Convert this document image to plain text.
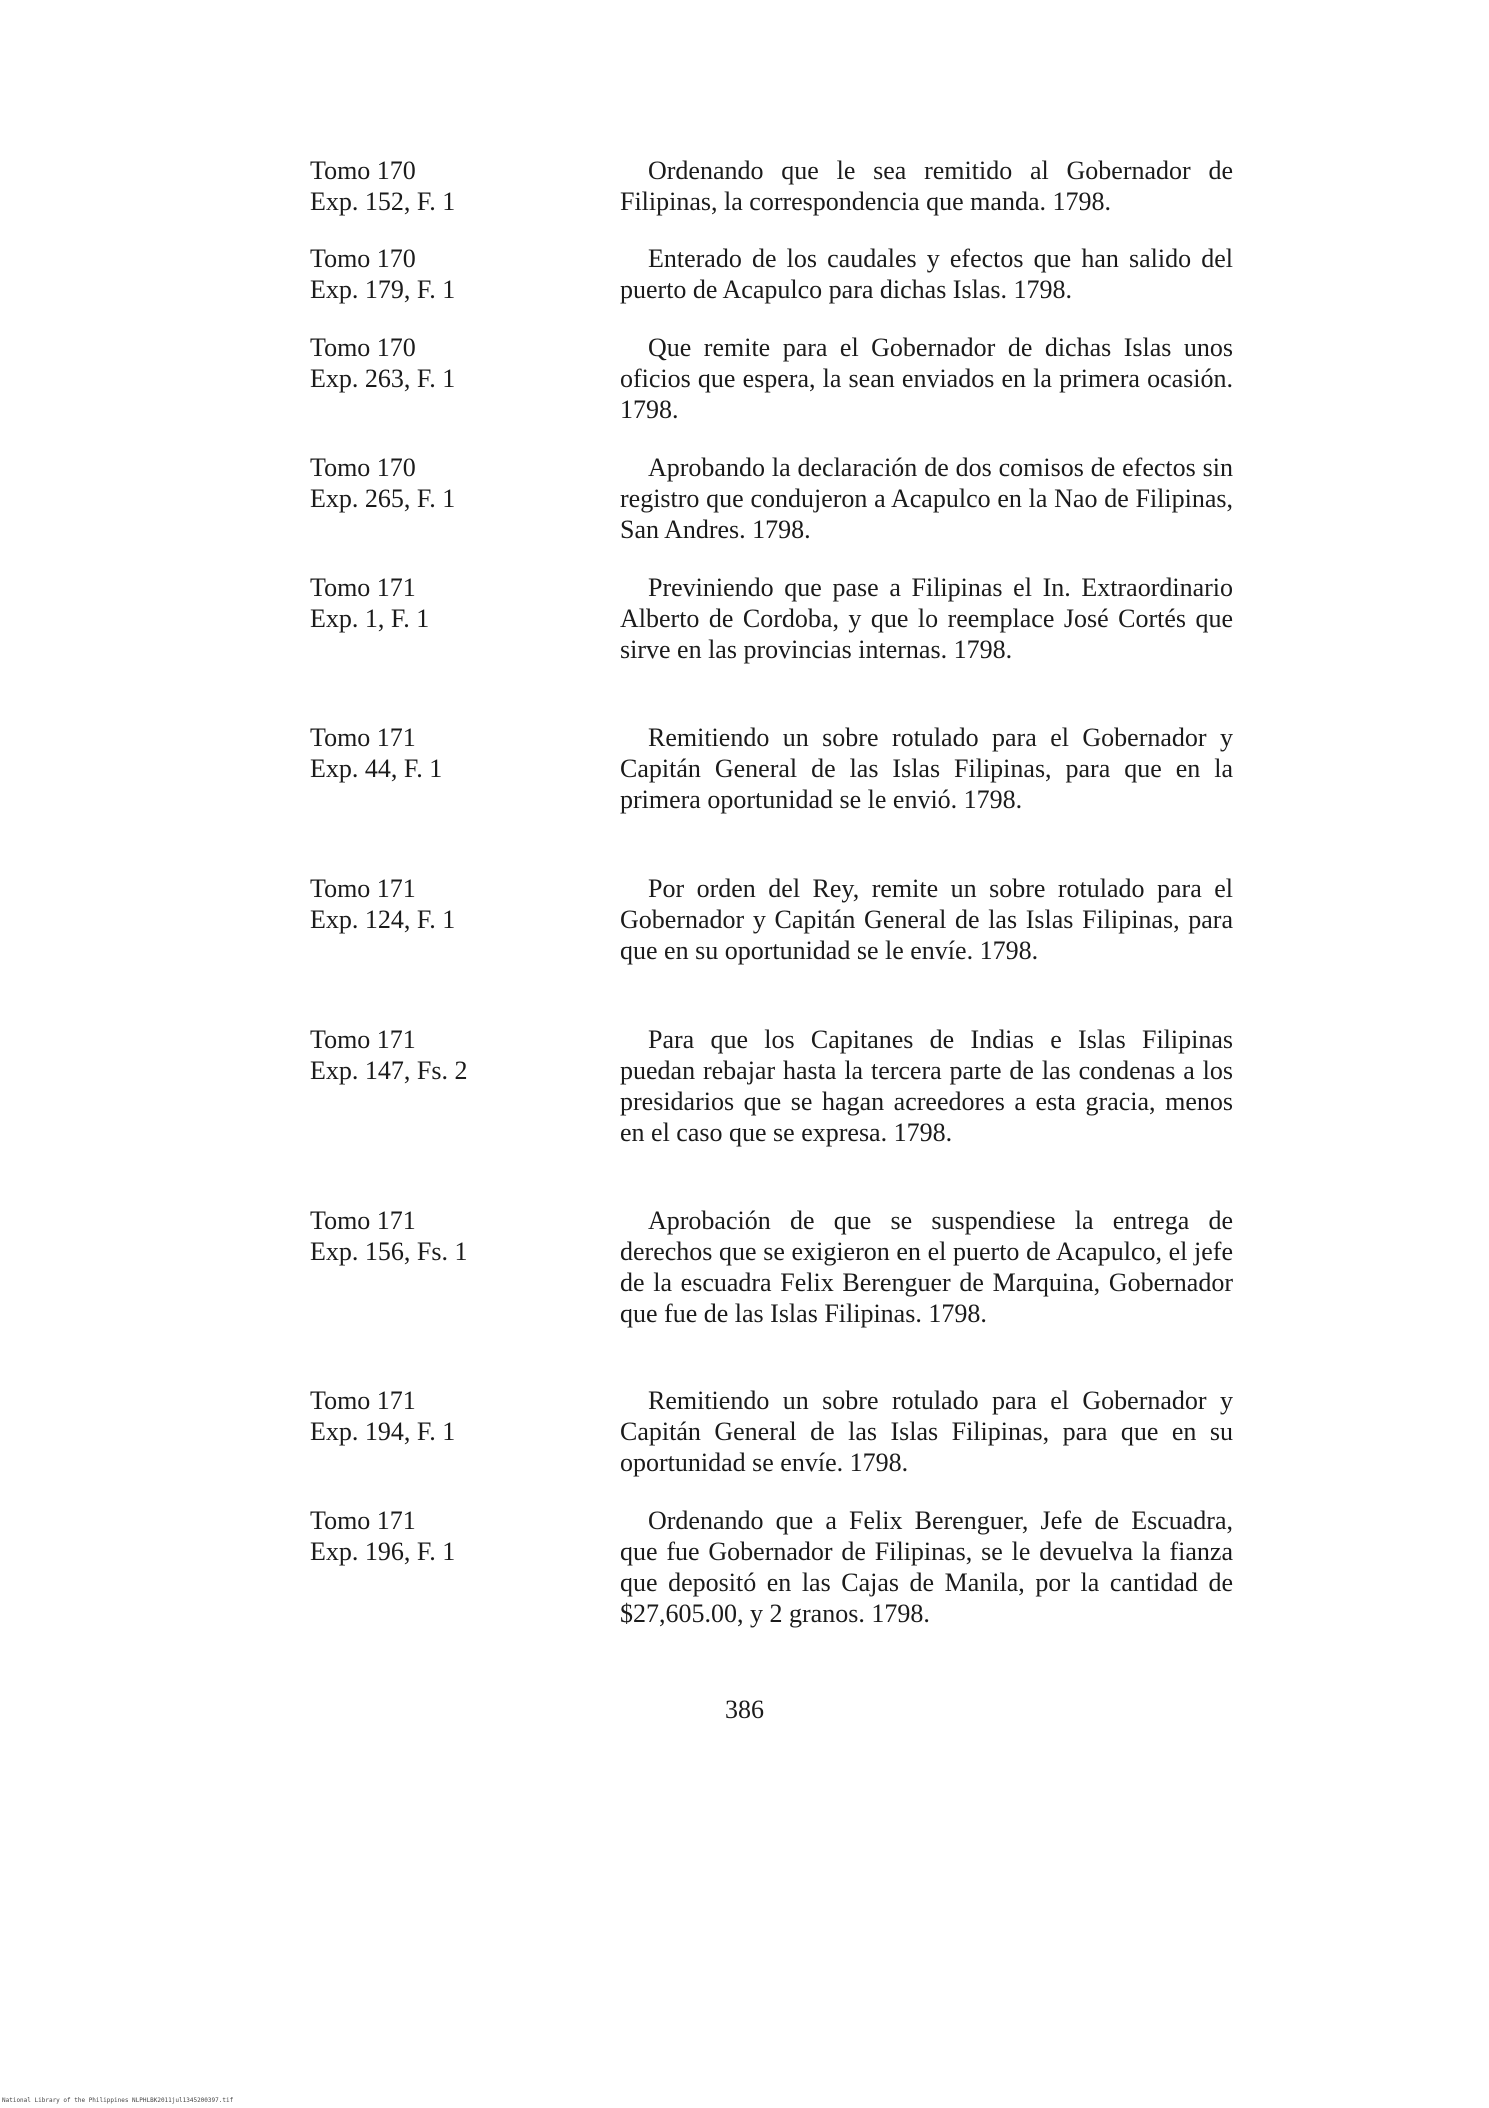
Tomo 170
Exp. 152, F. 1
Ordenando que le sea remitido al Gobernador de Filipinas, la correspondencia que manda. 1798.
Tomo 170
Exp. 179, F. 1
Enterado de los caudales y efectos que han salido del puerto de Acapulco para dichas Islas. 1798.
Tomo 170
Exp. 263, F. 1
Que remite para el Gobernador de dichas Islas unos oficios que espera, la sean enviados en la primera ocasión. 1798.
Tomo 170
Exp. 265, F. 1
Aprobando la declaración de dos comisos de efectos sin registro que condujeron a Acapulco en la Nao de Filipinas, San Andres. 1798.
Tomo 171
Exp. 1, F. 1
Previniendo que pase a Filipinas el In. Extraordinario Alberto de Cordoba, y que lo reemplace José Cortés que sirve en las provincias internas. 1798.
Tomo 171
Exp. 44, F. 1
Remitiendo un sobre rotulado para el Gobernador y Capitán General de las Islas Filipinas, para que en la primera oportunidad se le envió. 1798.
Tomo 171
Exp. 124, F. 1
Por orden del Rey, remite un sobre rotulado para el Gobernador y Capitán General de las Islas Filipinas, para que en su oportunidad se le envíe. 1798.
Tomo 171
Exp. 147, Fs. 2
Para que los Capitanes de Indias e Islas Filipinas puedan rebajar hasta la tercera parte de las condenas a los presidarios que se hagan acreedores a esta gracia, menos en el caso que se expresa. 1798.
Tomo 171
Exp. 156, Fs. 1
Aprobación de que se suspendiese la entrega de derechos que se exigieron en el puerto de Acapulco, el jefe de la escuadra Felix Berenguer de Marquina, Gobernador que fue de las Islas Filipinas. 1798.
Tomo 171
Exp. 194, F. 1
Remitiendo un sobre rotulado para el Gobernador y Capitán General de las Islas Filipinas, para que en su oportunidad se envíe. 1798.
Tomo 171
Exp. 196, F. 1
Ordenando que a Felix Berenguer, Jefe de Escuadra, que fue Gobernador de Filipinas, se le devuelva la fianza que depositó en las Cajas de Manila, por la cantidad de $27,605.00, y 2 granos. 1798.
386
National Library of the Philippines NLPHLBK2011jul1345200397.tif
